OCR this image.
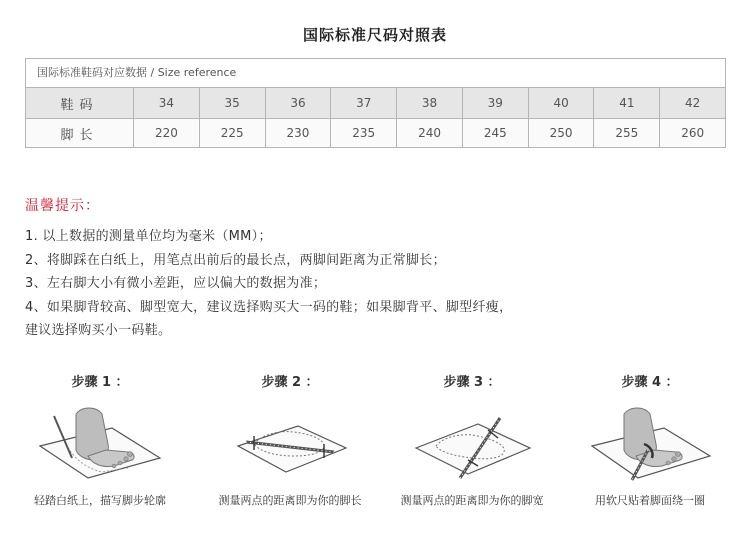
国际标准尺码对照表
国际标准鞋码对应数据 / Size reference
鞋码	34	35	36	37	38	39	40	41	42
脚长	220	225	230	235	240	245	250	255	260
温馨提示：
1. 以上数据的测量单位均为毫米（MM）；
2、将脚踩在白纸上，用笔点出前后的最长点，两脚间距离为正常脚长；
3、左右脚大小有微小差距，应以偏大的数据为准；
4、如果脚背较高、脚型宽大，建议选择购买大一码的鞋；如果脚背平、脚型纤瘦，
建议选择购买小一码鞋。
步骤 1 ：
轻踏白纸上，描写脚步轮廓
步骤 2 ：
测量两点的距离即为你的脚长
步骤 3 ：
测量两点的距离即为你的脚宽
步骤 4 ：
用软尺贴着脚面绕一圈
